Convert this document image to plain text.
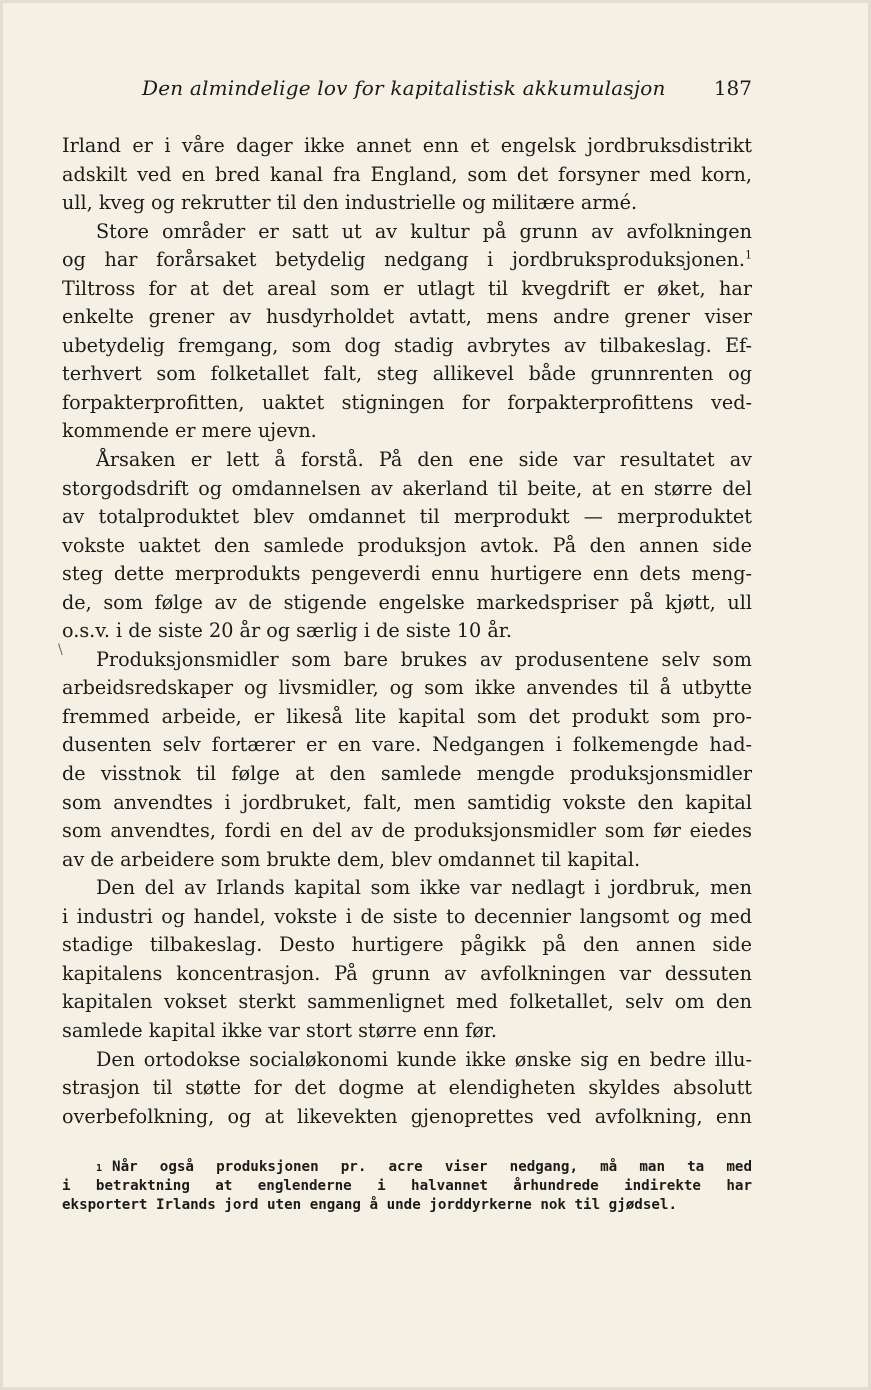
Den almindelige lov for kapitalistisk akkumulasjon 187
\
Irland er i våre dager ikke annet enn et engelsk jordbruksdistrikt
adskilt ved en bred kanal fra England, som det forsyner med korn,
ull, kveg og rekrutter til den industrielle og militære armé.
Store områder er satt ut av kultur på grunn av avfolkningen
og har forårsaket betydelig nedgang i jordbruksproduksjonen.$^1$
Tiltross for at det areal som er utlagt til kvegdrift er øket, har
enkelte grener av husdyrholdet avtatt, mens andre grener viser
ubetydelig fremgang, som dog stadig avbrytes av tilbakeslag. Ef-
terhvert som folketallet falt, steg allikevel både grunnrenten og
forpakterprofitten, uaktet stigningen for forpakterprofittens ved-
kommende er mere ujevn.
Årsaken er lett å forstå. På den ene side var resultatet av
storgodsdrift og omdannelsen av akerland til beite, at en større del
av totalproduktet blev omdannet til merprodukt — merproduktet
vokste uaktet den samlede produksjon avtok. På den annen side
steg dette merprodukts pengeverdi ennu hurtigere enn dets meng-
de, som følge av de stigende engelske markedspriser på kjøtt, ull
o.s.v. i de siste 20 år og særlig i de siste 10 år.
Produksjonsmidler som bare brukes av produsentene selv som
arbeidsredskaper og livsmidler, og som ikke anvendes til å utbytte
fremmed arbeide, er likeså lite kapital som det produkt som pro-
dusenten selv fortærer er en vare. Nedgangen i folkemengde had-
de visstnok til følge at den samlede mengde produksjonsmidler
som anvendtes i jordbruket, falt, men samtidig vokste den kapital
som anvendtes, fordi en del av de produksjonsmidler som før eiedes
av de arbeidere som brukte dem, blev omdannet til kapital.
Den del av Irlands kapital som ikke var nedlagt i jordbruk, men
i industri og handel, vokste i de siste to decennier langsomt og med
stadige tilbakeslag. Desto hurtigere pågikk på den annen side
kapitalens koncentrasjon. På grunn av avfolkningen var dessuten
kapitalen vokset sterkt sammenlignet med folketallet, selv om den
samlede kapital ikke var stort større enn før.
Den ortodokse socialøkonomi kunde ikke ønske sig en bedre illu-
strasjon til støtte for det dogme at elendigheten skyldes absolutt
overbefolkning, og at likevekten gjenoprettes ved avfolkning, enn
1 Når også produksjonen pr. acre viser nedgang, må man ta med
i betraktning at englenderne i halvannet århundrede indirekte har
eksportert Irlands jord uten engang å unde jorddyrkerne nok til gjødsel.
